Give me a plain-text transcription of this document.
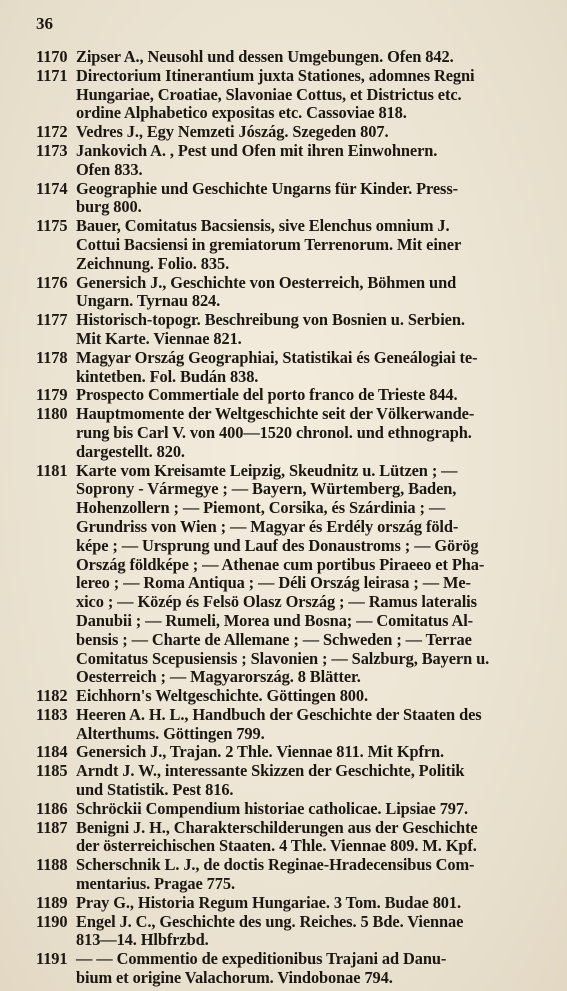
36
1170 Zipser A., Neusohl und dessen Umgebungen. Ofen 842.
1171 Directorium Itinerantium juxta Stationes, adomnes Regni
Hungariae, Croatiae, Slavoniae Cottus, et Districtus etc.
ordine Alphabetico expositas etc. Cassoviae 818.
1172 Vedres J., Egy Nemzeti Jószág. Szegeden 807.
1173 Jankovich A. , Pest und Ofen mit ihren Einwohnern.
Ofen 833.
1174 Geographie und Geschichte Ungarns für Kinder. Press-
burg 800.
1175 Bauer, Comitatus Bacsiensis, sive Elenchus omnium J.
Cottui Bacsiensi in gremiatorum Terrenorum. Mit einer
Zeichnung. Folio. 835.
1176 Genersich J., Geschichte von Oesterreich, Böhmen und
Ungarn. Tyrnau 824.
1177 Historisch-topogr. Beschreibung von Bosnien u. Serbien.
Mit Karte. Viennae 821.
1178 Magyar Ország Geographiai, Statistikai és Geneálogiai te-
kintetben. Fol. Budán 838.
1179 Prospecto Commertiale del porto franco de Trieste 844.
1180 Hauptmomente der Weltgeschichte seit der Völkerwande-
rung bis Carl V. von 400—1520 chronol. und ethnograph.
dargestellt. 820.
1181 Karte vom Kreisamte Leipzig, Skeudnitz u. Lützen ; —
Soprony - Vármegye ; — Bayern, Würtemberg, Baden,
Hohenzollern ; — Piemont, Corsika, és Szárdinia ; —
Grundriss von Wien ; — Magyar és Erdély ország föld-
képe ; — Ursprung und Lauf des Donaustroms ; — Görög
Ország földképe ; — Athenae cum portibus Piraeeo et Pha-
lereo ; — Roma Antiqua ; — Déli Ország leirasa ; — Me-
xico ; — Közép és Felsö Olasz Ország ; — Ramus lateralis
Danubii ; — Rumeli, Morea und Bosna; — Comitatus Al-
bensis ; — Charte de Allemane ; — Schweden ; — Terrae
Comitatus Scepusiensis ; Slavonien ; — Salzburg, Bayern u.
Oesterreich ; — Magyarország. 8 Blätter.
1182 Eichhorn's Weltgeschichte. Göttingen 800.
1183 Heeren A. H. L., Handbuch der Geschichte der Staaten des
Alterthums. Göttingen 799.
1184 Genersich J., Trajan. 2 Thle. Viennae 811. Mit Kpfrn.
1185 Arndt J. W., interessante Skizzen der Geschichte, Politik
und Statistik. Pest 816.
1186 Schröckii Compendium historiae catholicae. Lipsiae 797.
1187 Benigni J. H., Charakterschilderungen aus der Geschichte
der österreichischen Staaten. 4 Thle. Viennae 809. M. Kpf.
1188 Scherschnik L. J., de doctis Reginae-Hradecensibus Com-
mentarius. Pragae 775.
1189 Pray G., Historia Regum Hungariae. 3 Tom. Budae 801.
1190 Engel J. C., Geschichte des ung. Reiches. 5 Bde. Viennae
813—14. Hlbfrzbd.
1191 — — Commentio de expeditionibus Trajani ad Danu-
bium et origine Valachorum. Vindobonae 794.
